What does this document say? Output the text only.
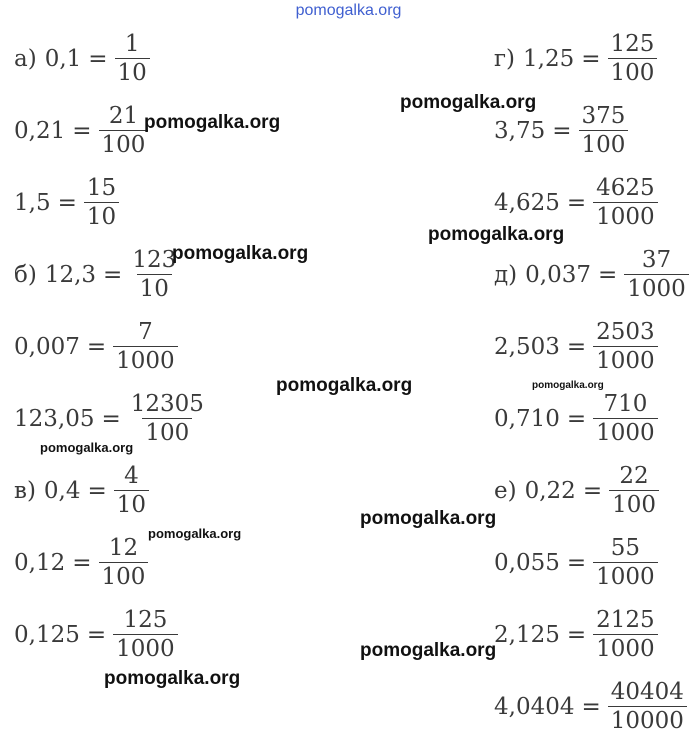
pomogalka.org
а) $0,1 = \frac{1}{10}$
$0,21 = \frac{21}{100}$
$1,5 = \frac{15}{10}$
б) $12,3 = \frac{123}{10}$
$0,007 = \frac{7}{1000}$
$123,05 = \frac{12305}{100}$
в) $0,4 = \frac{4}{10}$
$0,12 = \frac{12}{100}$
$0,125 = \frac{125}{1000}$
г) $1,25 = \frac{125}{100}$
$3,75 = \frac{375}{100}$
$4,625 = \frac{4625}{1000}$
д) $0,037 = \frac{37}{1000}$
$2,503 = \frac{2503}{1000}$
$0,710 = \frac{710}{1000}$
е) $0,22 = \frac{22}{100}$
$0,055 = \frac{55}{1000}$
$2,125 = \frac{2125}{1000}$
$4,0404 = \frac{40404}{10000}$
pomogalka.org
pomogalka.org
pomogalka.org
pomogalka.org
pomogalka.org	pomogalka.org
pomogalka.org
pomogalka.org
pomogalka.org
pomogalka.org
pomogalka.org
